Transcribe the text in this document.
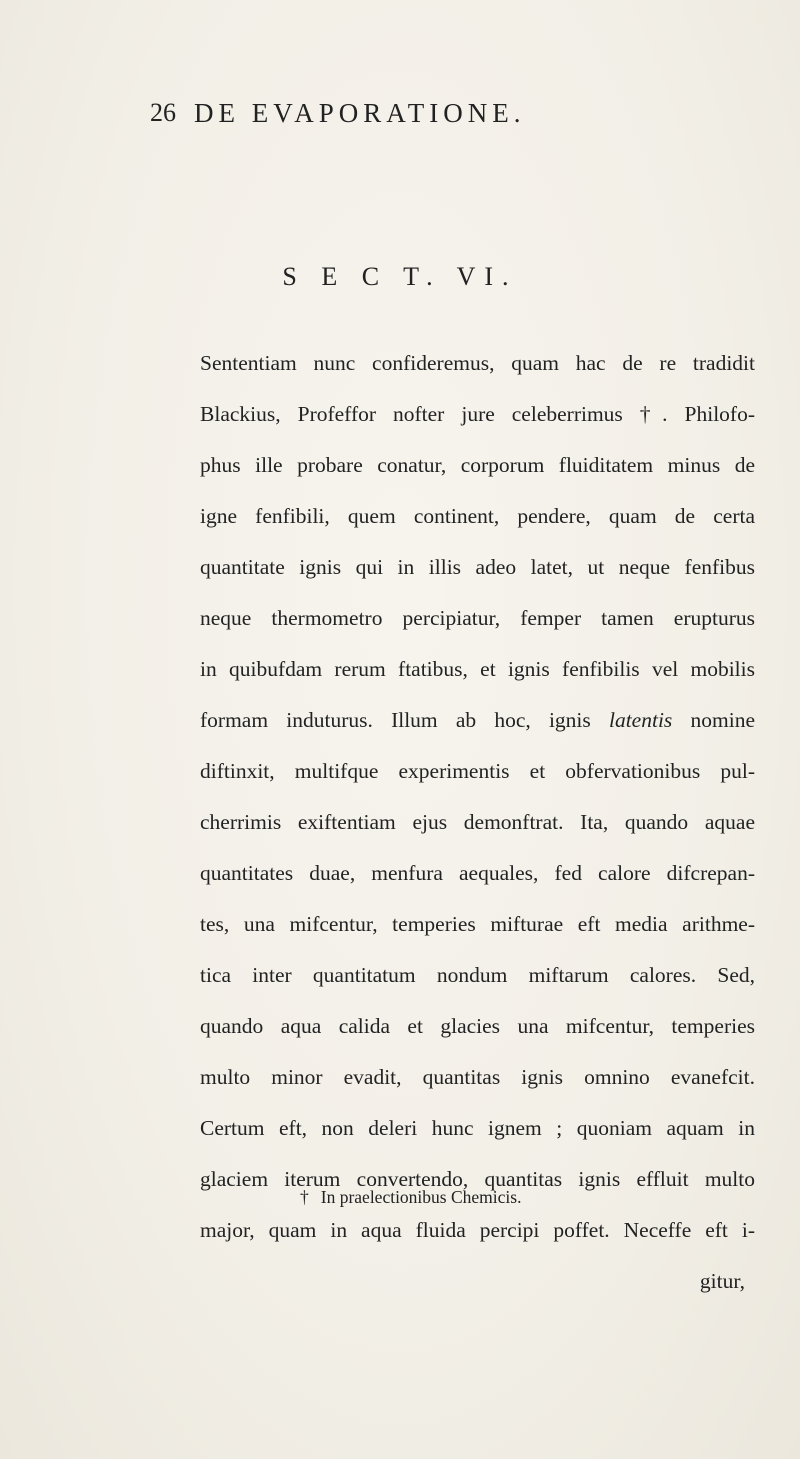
26 DE EVAPORATIONE.
S E C T. VI.
Sententiam nunc confideremus, quam hac de re tradidit
Blackius, Profeffor nofter jure celeberrimus †. Philofo-
phus ille probare conatur, corporum fluiditatem minus de
igne fenfibili, quem continent, pendere, quam de certa
quantitate ignis qui in illis adeo latet, ut neque fenfibus
neque thermometro percipiatur, femper tamen erupturus
in quibufdam rerum ftatibus, et ignis fenfibilis vel mobilis
formam induturus. Illum ab hoc, ignis latentis nomine
diftinxit, multifque experimentis et obfervationibus pul-
cherrimis exiftentiam ejus demonftrat. Ita, quando aquae
quantitates duae, menfura aequales, fed calore difcrepan-
tes, una mifcentur, temperies mifturae eft media arithme-
tica inter quantitatum nondum miftarum calores. Sed,
quando aqua calida et glacies una mifcentur, temperies
multo minor evadit, quantitas ignis omnino evanefcit.
Certum eft, non deleri hunc ignem ; quoniam aquam in
glaciem iterum convertendo, quantitas ignis effluit multo
major, quam in aqua fluida percipi poffet. Neceffe eft i-
gitur,
† In praelectionibus Chemicis.
